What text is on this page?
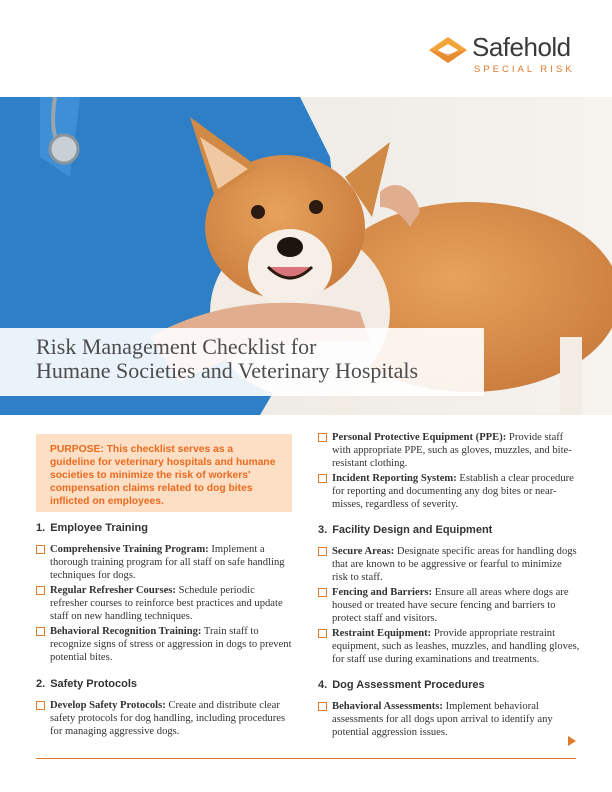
Safehold
SPECIAL RISK
Risk Management Checklist for
Humane Societies and Veterinary Hospitals
PURPOSE: This checklist serves as a guideline for veterinary hospitals and humane societies to minimize the risk of workers' compensation claims related to dog bites inflicted on employees.
1. Employee Training
Comprehensive Training Program: Implement a thorough training program for all staff on safe handling techniques for dogs.
Regular Refresher Courses: Schedule periodic refresher courses to reinforce best practices and update staff on new handling techniques.
Behavioral Recognition Training: Train staff to recognize signs of stress or aggression in dogs to prevent potential bites.
2. Safety Protocols
Develop Safety Protocols: Create and distribute clear safety protocols for dog handling, including procedures for managing aggressive dogs.
Personal Protective Equipment (PPE): Provide staff with appropriate PPE, such as gloves, muzzles, and bite-resistant clothing.
Incident Reporting System: Establish a clear procedure for reporting and documenting any dog bites or near-misses, regardless of severity.
3. Facility Design and Equipment
Secure Areas: Designate specific areas for handling dogs that are known to be aggressive or fearful to minimize risk to staff.
Fencing and Barriers: Ensure all areas where dogs are housed or treated have secure fencing and barriers to protect staff and visitors.
Restraint Equipment: Provide appropriate restraint equipment, such as leashes, muzzles, and handling gloves, for staff use during examinations and treatments.
4. Dog Assessment Procedures
Behavioral Assessments: Implement behavioral assessments for all dogs upon arrival to identify any potential aggression issues.
